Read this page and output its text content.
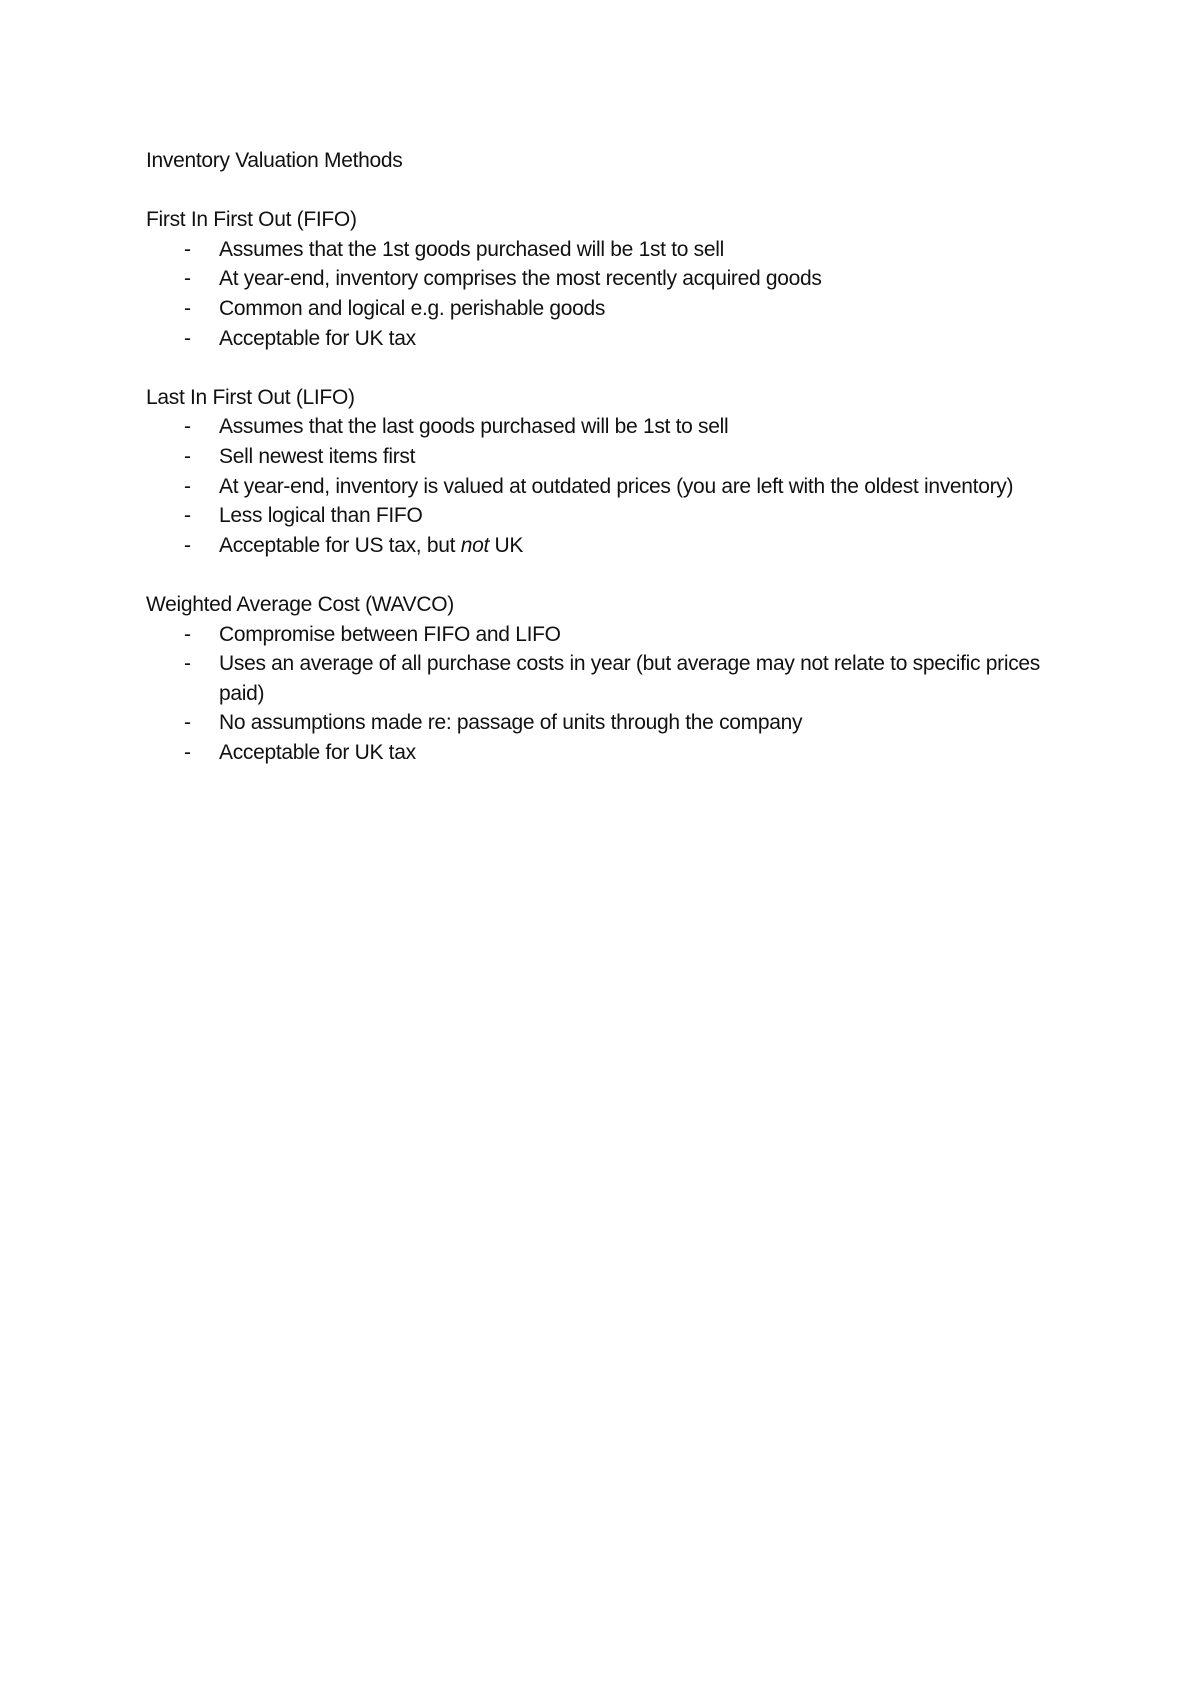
Inventory Valuation Methods

First In First Out (FIFO)

- Assumes that the 1st goods purchased will be 1st to sell
- At year-end, inventory comprises the most recently acquired goods
- Common and logical e.g. perishable goods
- Acceptable for UK tax

Last In First Out (LIFO)

- Assumes that the last goods purchased will be 1st to sell
- Sell newest items first
- At year-end, inventory is valued at outdated prices (you are left with the oldest inventory)
- Less logical than FIFO
- Acceptable for US tax, but not UK

Weighted Average Cost (WAVCO)

- Compromise between FIFO and LIFO
- Uses an average of all purchase costs in year (but average may not relate to specific prices paid)
- No assumptions made re: passage of units through the company
- Acceptable for UK tax
